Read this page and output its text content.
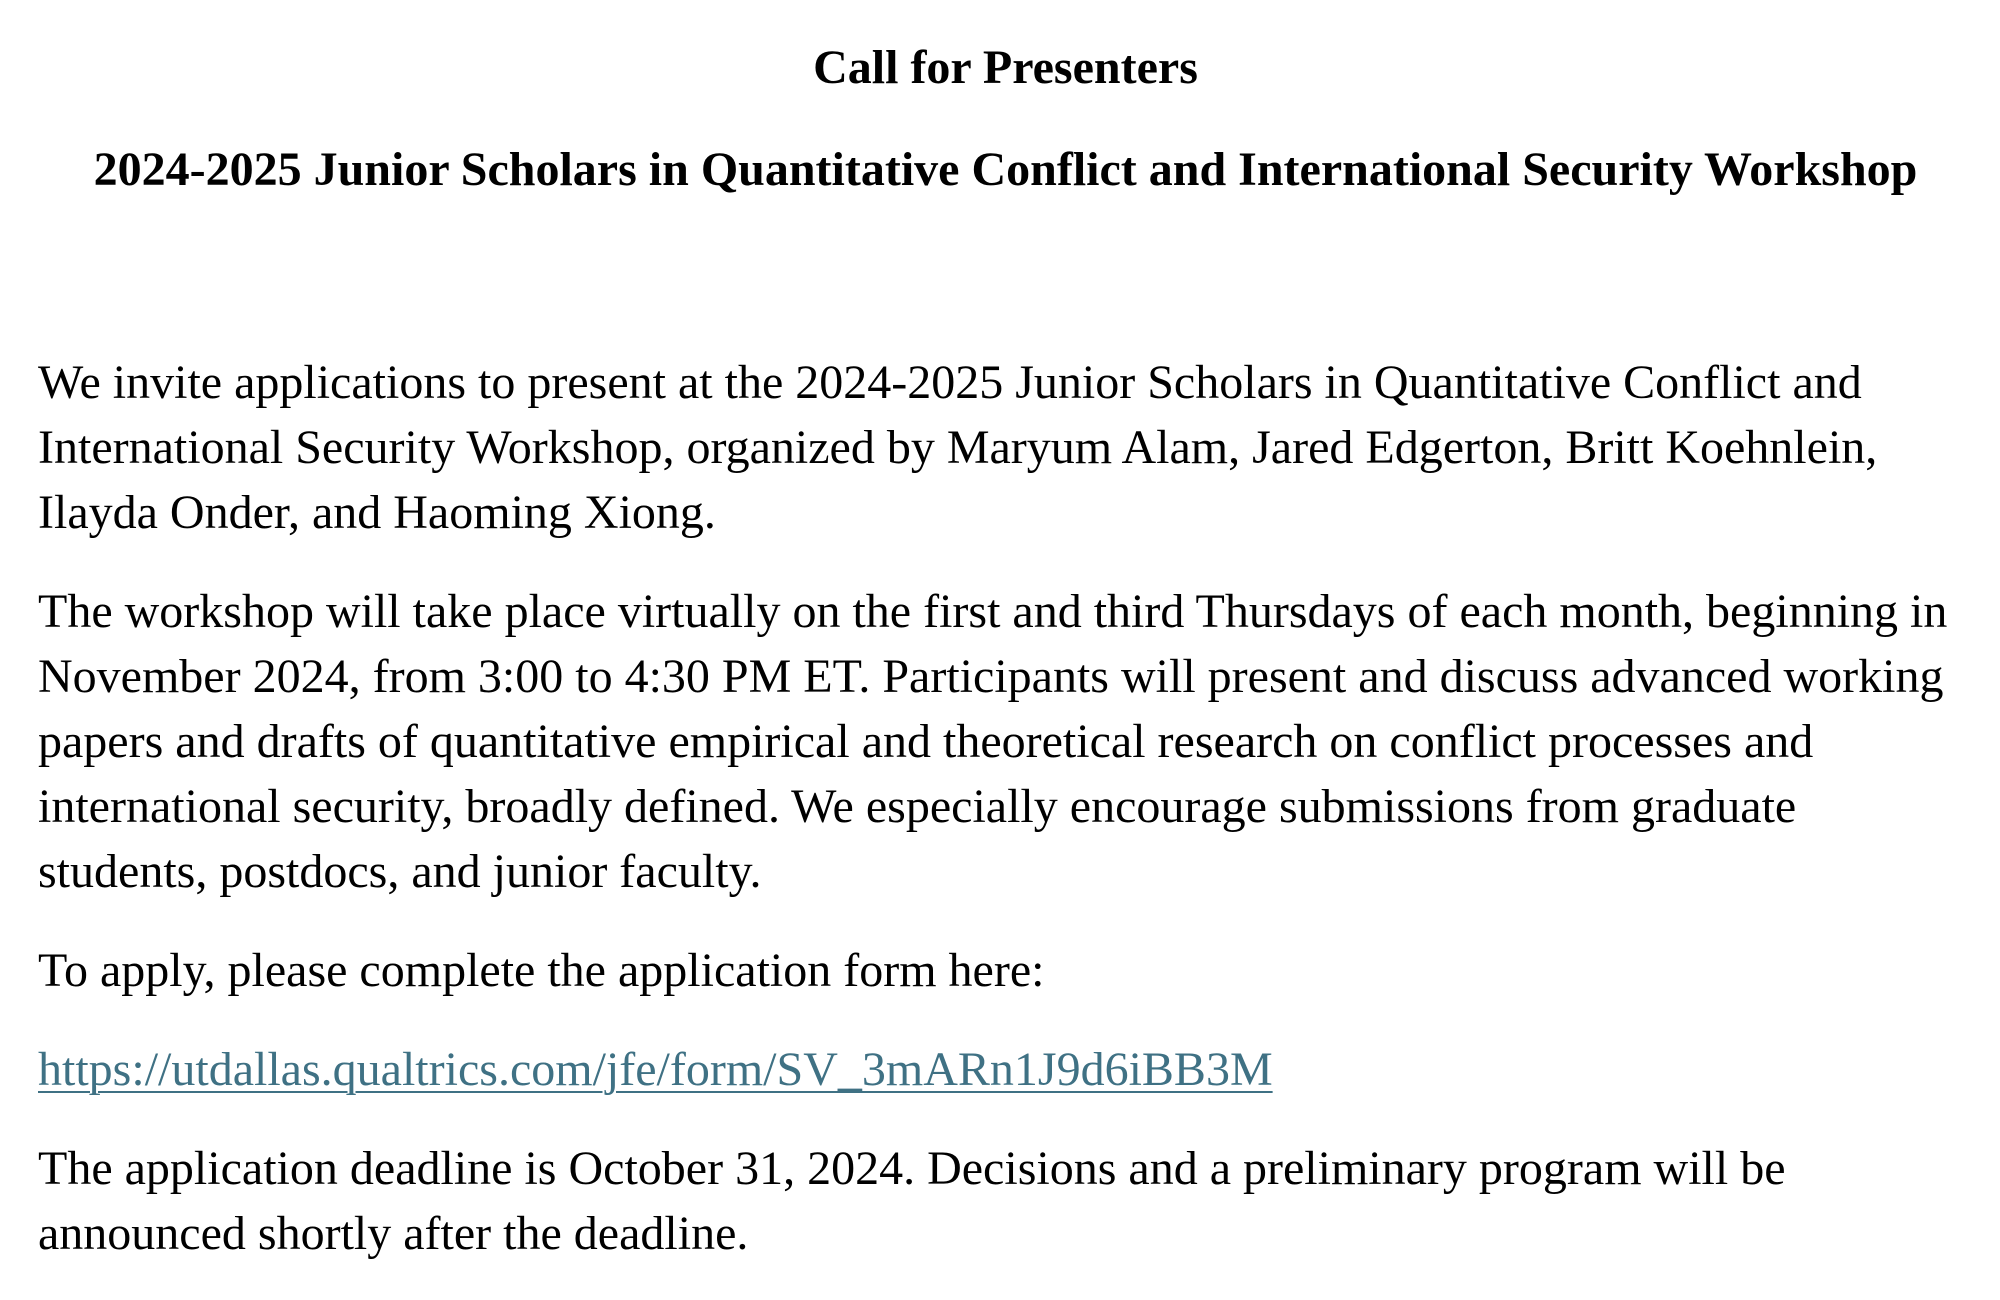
Call for Presenters
2024-2025 Junior Scholars in Quantitative Conflict and International Security Workshop

We invite applications to present at the 2024-2025 Junior Scholars in Quantitative Conflict and International Security Workshop, organized by Maryum Alam, Jared Edgerton, Britt Koehnlein, Ilayda Onder, and Haoming Xiong.

The workshop will take place virtually on the first and third Thursdays of each month, beginning in November 2024, from 3:00 to 4:30 PM ET. Participants will present and discuss advanced working papers and drafts of quantitative empirical and theoretical research on conflict processes and international security, broadly defined. We especially encourage submissions from graduate students, postdocs, and junior faculty.

To apply, please complete the application form here:

https://utdallas.qualtrics.com/jfe/form/SV_3mARn1J9d6iBB3M

The application deadline is October 31, 2024. Decisions and a preliminary program will be announced shortly after the deadline.
